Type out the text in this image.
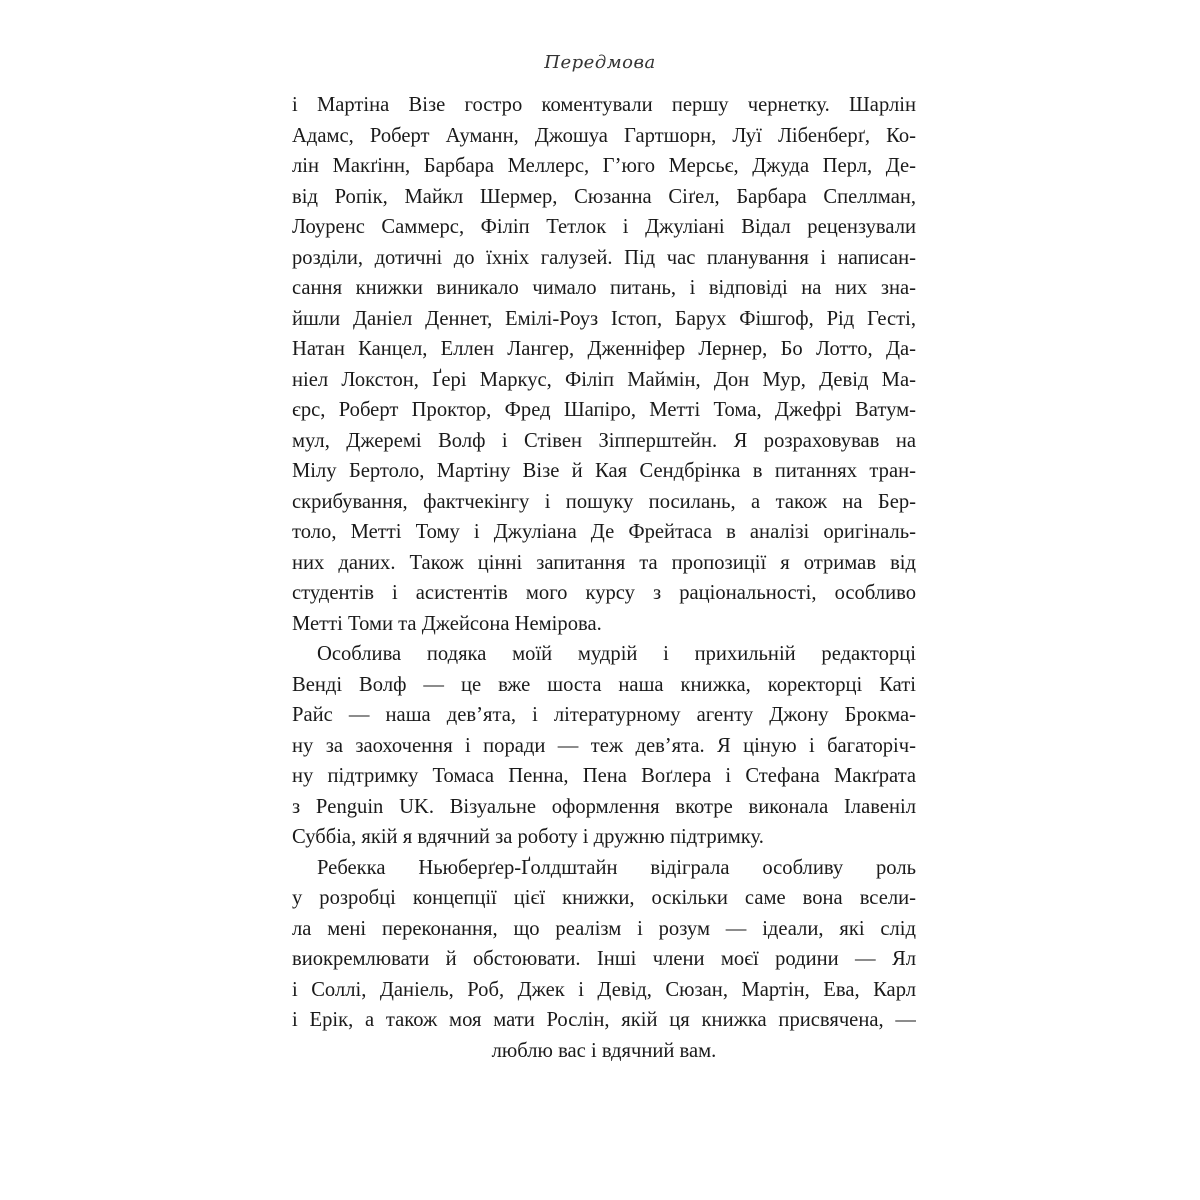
Передмова
і Мартіна Візе гостро коментували першу чернетку. Шарлін
Адамс, Роберт Ауманн, Джошуа Гартшорн, Луї Лібенберґ, Ко-
лін Макґінн, Барбара Меллерс, Г’юго Мерсьє, Джуда Перл, Де-
від Ропік, Майкл Шермер, Сюзанна Сіґел, Барбара Спеллман,
Лоуренс Саммерс, Філіп Тетлок і Джуліані Відал рецензували
розділи, дотичні до їхніх галузей. Під час планування і написан-
сання книжки виникало чимало питань, і відповіді на них зна-
йшли Даніел Деннет, Емілі-Роуз Істоп, Барух Фішгоф, Рід Гесті,
Натан Канцел, Еллен Лангер, Дженніфер Лернер, Бо Лотто, Да-
ніел Локстон, Ґері Маркус, Філіп Маймін, Дон Мур, Девід Ма-
єрс, Роберт Проктор, Фред Шапіро, Метті Тома, Джефрі Ватум-
мул, Джеремі Волф і Стівен Зіпперштейн. Я розраховував на
Мілу Бертоло, Мартіну Візе й Кая Сендбрінка в питаннях тран-
скрибування, фактчекінгу і пошуку посилань, а також на Бер-
толо, Метті Тому і Джуліана Де Фрейтаса в аналізі оригіналь-
них даних. Також цінні запитання та пропозиції я отримав від
студентів і асистентів мого курсу з раціональності, особливо
Метті Томи та Джейсона Немірова.
Особлива подяка моїй мудрій і прихильній редакторці
Венді Волф — це вже шоста наша книжка, коректорці Каті
Райс — наша дев’ята, і літературному агенту Джону Брокма-
ну за заохочення і поради — теж дев’ята. Я ціную і багаторіч-
ну підтримку Томаса Пенна, Пена Воґлера і Стефана Макґрата
з Penguin UK. Візуальне оформлення вкотре виконала Ілавеніл
Суббіа, якій я вдячний за роботу і дружню підтримку.
Ребекка Ньюберґер-Ґолдштайн відіграла особливу роль
у розробці концепції цієї книжки, оскільки саме вона всели-
ла мені переконання, що реалізм і розум — ідеали, які слід
виокремлювати й обстоювати. Інші члени моєї родини — Ял
і Соллі, Даніель, Роб, Джек і Девід, Сюзан, Мартін, Ева, Карл
і Ерік, а також моя мати Рослін, якій ця книжка присвячена, —
люблю вас і вдячний вам.
